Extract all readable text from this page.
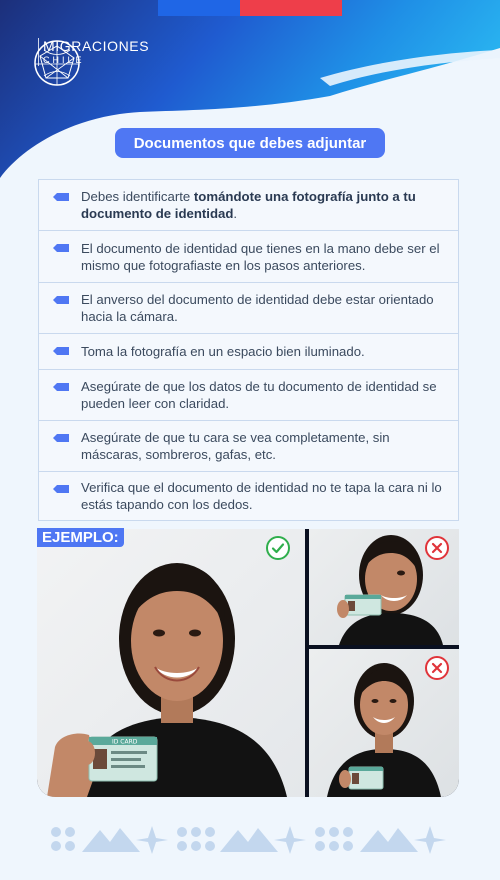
MIGRACIONES
CHILE
Documentos que debes adjuntar
Debes identificarte tomándote una fotografía junto a tu documento de identidad.
El documento de identidad que tienes en la mano debe ser el mismo que fotografiaste en los pasos anteriores.
El anverso del documento de identidad debe estar orientado hacia la cámara.
Toma la fotografía en un espacio bien iluminado.
Asegúrate de que los datos de tu documento de identidad se pueden leer con claridad.
Asegúrate de que tu cara se vea completamente, sin máscaras, sombreros, gafas, etc.
Verifica que el documento de identidad no te tapa la cara ni lo estás tapando con los dedos.
ID CARD
EJEMPLO:
